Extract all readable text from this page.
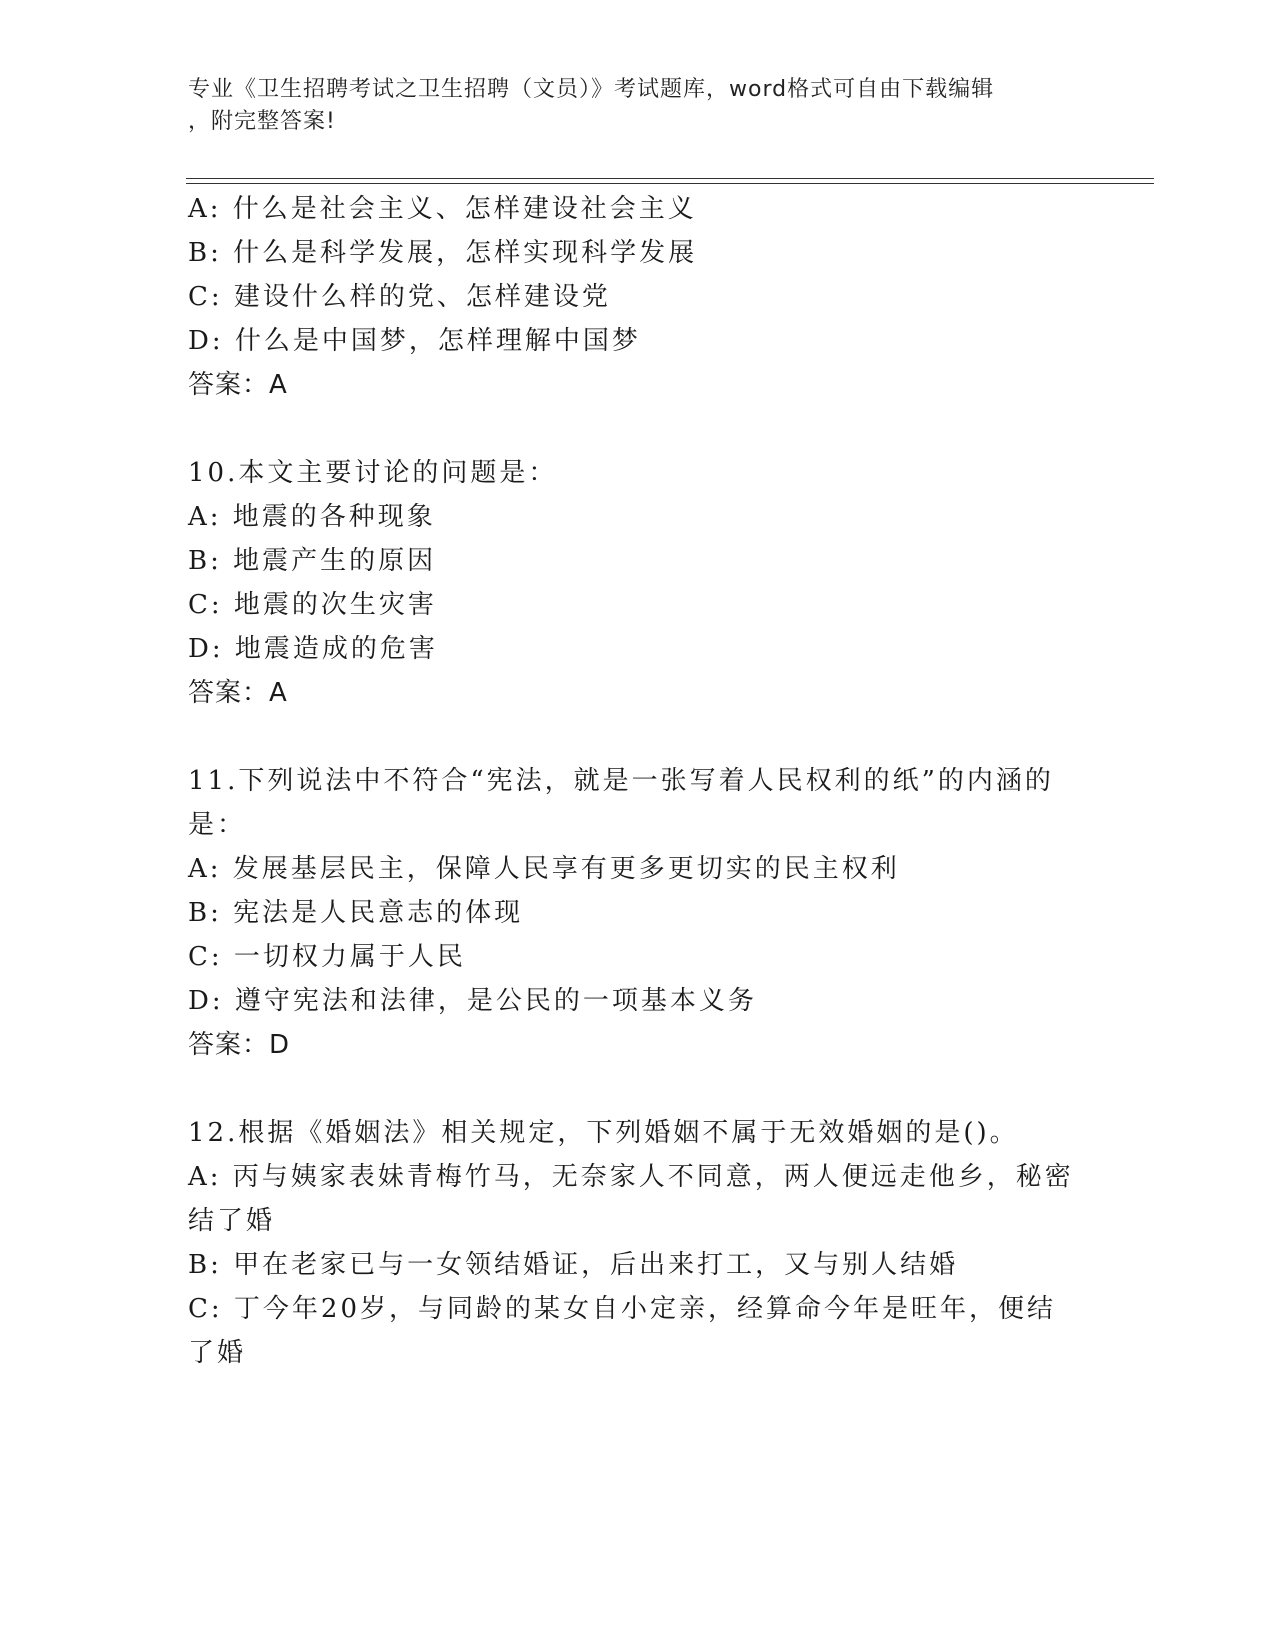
专业《卫生招聘考试之卫生招聘（文员）》考试题库，word格式可自由下载编辑
，附完整答案!
A: 什么是社会主义、怎样建设社会主义
B: 什么是科学发展，怎样实现科学发展
C: 建设什么样的党、怎样建设党
D: 什么是中国梦，怎样理解中国梦
答案：A
10.本文主要讨论的问题是：
A: 地震的各种现象
B: 地震产生的原因
C: 地震的次生灾害
D: 地震造成的危害
答案：A
11.下列说法中不符合“宪法，就是一张写着人民权利的纸”的内涵的
是：
A: 发展基层民主，保障人民享有更多更切实的民主权利
B: 宪法是人民意志的体现
C: 一切权力属于人民
D: 遵守宪法和法律，是公民的一项基本义务
答案：D
12.根据《婚姻法》相关规定，下列婚姻不属于无效婚姻的是()。
A: 丙与姨家表妹青梅竹马，无奈家人不同意，两人便远走他乡，秘密
结了婚
B: 甲在老家已与一女领结婚证，后出来打工，又与别人结婚
C: 丁今年20岁，与同龄的某女自小定亲，经算命今年是旺年，便结
了婚
